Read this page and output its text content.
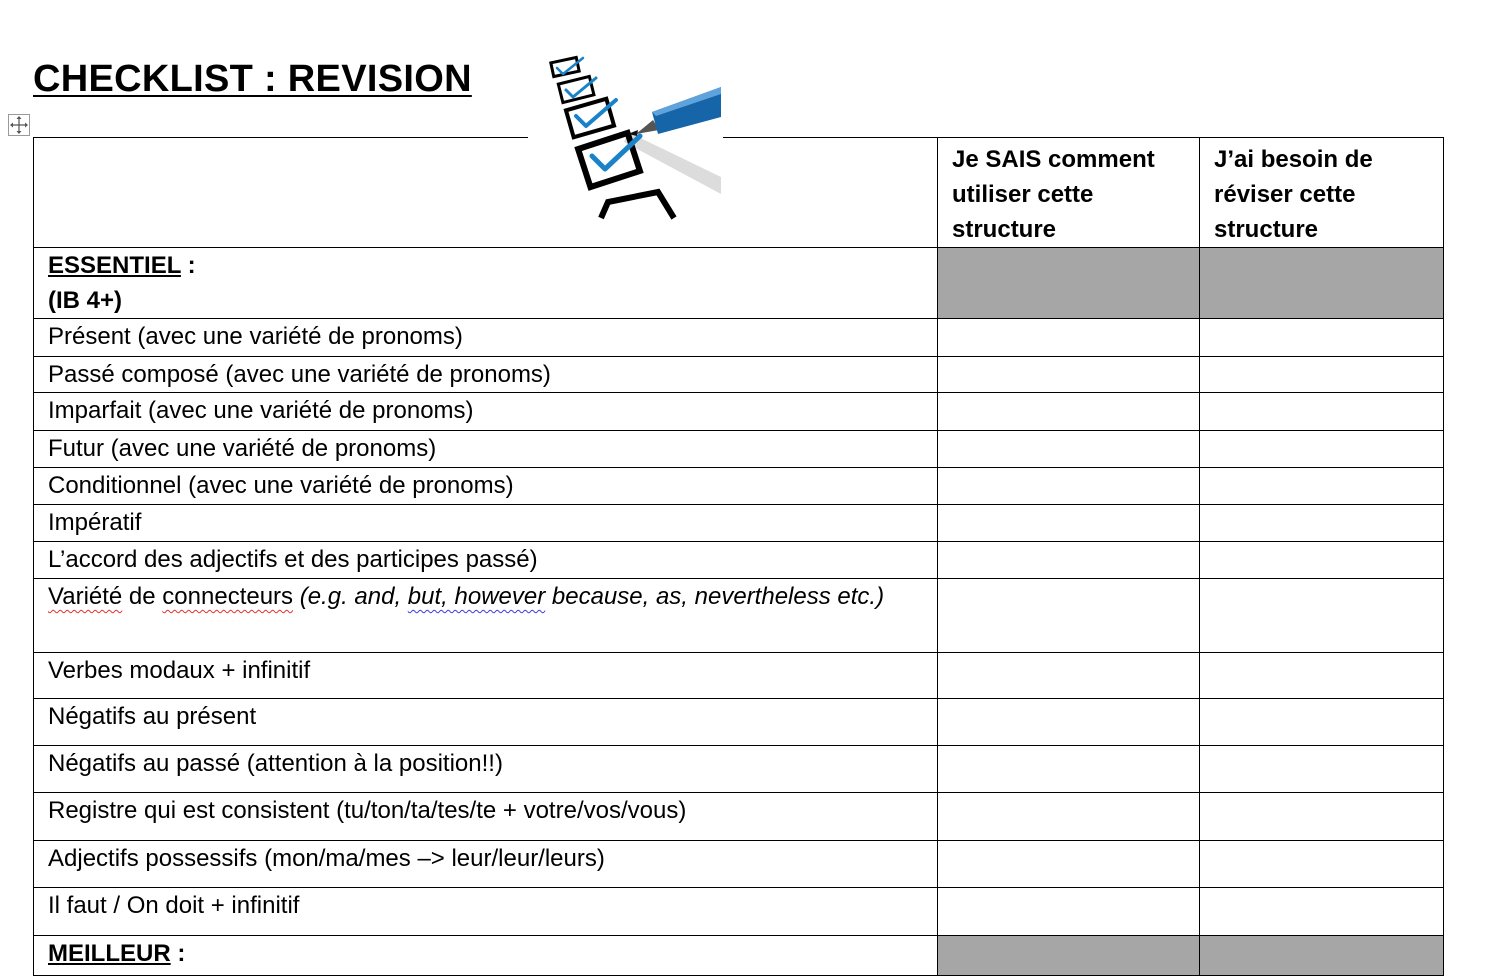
CHECKLIST : REVISION
	Je SAIS comment utiliser cette structure	J’ai besoin de réviser cette structure
ESSENTIEL :
(IB 4+)		
Présent (avec une variété de pronoms)		
Passé composé (avec une variété de pronoms)		
Imparfait (avec une variété de pronoms)		
Futur (avec une variété de pronoms)		
Conditionnel (avec une variété de pronoms)		
Impératif		
L’accord des adjectifs et des participes passé)		
Variété de connecteurs (e.g. and, but, however because, as, nevertheless etc.)		
Verbes modaux + infinitif		
Négatifs au présent		
Négatifs au passé (attention à la position!!)		
Registre qui est consistent (tu/ton/ta/tes/te + votre/vos/vous)		
Adjectifs possessifs (mon/ma/mes –> leur/leur/leurs)		
Il faut / On doit + infinitif		
MEILLEUR :		
